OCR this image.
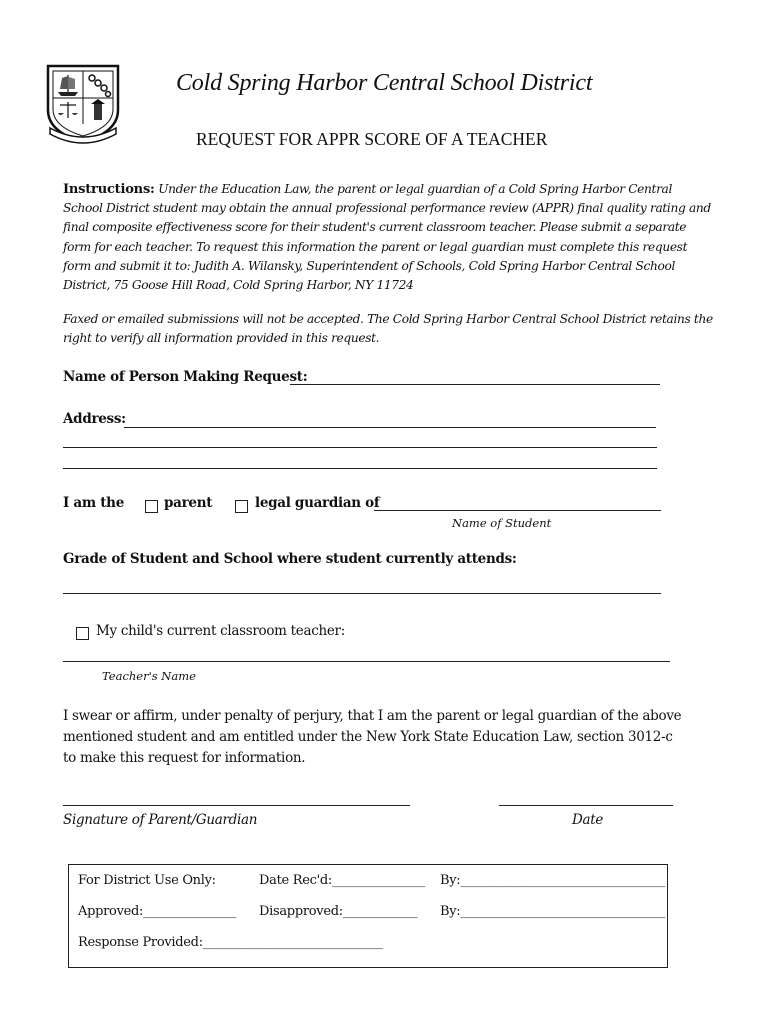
Cold Spring Harbor Central School District
REQUEST FOR APPR SCORE OF A TEACHER
Instructions: Under the Education Law, the parent or legal guardian of a Cold Spring Harbor Central School District student may obtain the annual professional performance review (APPR) final quality rating and final composite effectiveness score for their student's current classroom teacher. Please submit a separate form for each teacher. To request this information the parent or legal guardian must complete this request form and submit it to: Judith A. Wilansky, Superintendent of Schools, Cold Spring Harbor Central School District, 75 Goose Hill Road, Cold Spring Harbor, NY 11724
Faxed or emailed submissions will not be accepted. The Cold Spring Harbor Central School District retains the right to verify all information provided in this request.
Name of Person Making Request:
Address:
I am the	parent	legal guardian of
Name of Student
Grade of Student and School where student currently attends:
My child's current classroom teacher:
Teacher's Name
I swear or affirm, under penalty of perjury, that I am the parent or legal guardian of the above mentioned student and am entitled under the New York State Education Law, section 3012-c to make this request for information.
Signature of Parent/Guardian	Date
For District Use Only:	Date Rec'd:_______________ By:_________________________________
Approved:_______________ Disapproved:____________ By:_________________________________
Response Provided:_____________________________
